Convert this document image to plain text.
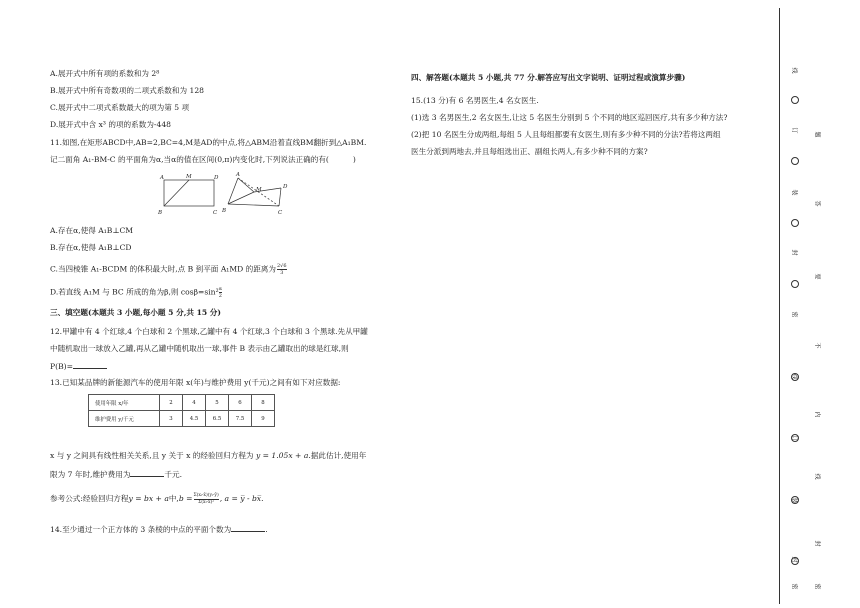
A.展开式中所有项的系数和为 2⁸
B.展开式中所有奇数项的二项式系数和为 128
C.展开式中二项式系数最大的项为第 5 项
D.展开式中含 x³ 的项的系数为-448
11.如图,在矩形ABCD中,AB=2,BC=4,M是AD的中点,将△ABM沿着直线BM翻折到△A₁BM.
记二面角 A₁-BM-C 的平面角为α,当α的值在区间(0,π)内变化时,下列说法正确的有(	)
A	M	D
B	C
A
M	D
B	C
A.存在α,使得 A₁B⊥CM
B.存在α,使得 A₁B⊥CD
C.当四棱锥 A₁-BCDM 的体积最大时,点 B 到平面 A₁MD 的距离为 $\frac{2√6}{3}$
D.若直线 A₁M 与 BC 所成的角为β,则 $\cos\beta=\sin^2 \frac{\alpha}{2}$
三、填空题(本题共 3 小题,每小题 5 分,共 15 分)
12.甲罐中有 4 个红球,4 个白球和 2 个黑球,乙罐中有 4 个红球,3 个白球和 3 个黑球.先从甲罐
中随机取出一球放入乙罐,再从乙罐中随机取出一球,事件 B 表示由乙罐取出的球是红球,则
P(B)=
13.已知某品牌的新能源汽车的使用年限 x(年)与维护费用 y(千元)之间有如下对应数据:
使用年限 x/年	2	4	5	6	8
维护费用 y/千元	3	4.5	6.5	7.5	9
x 与 y 之间具有线性相关关系,且 y 关于 x 的经验回归方程为 y = 1.05x + a.据此估计,使用年
限为 7 年时,维护费用为	千元.
参考公式:经验回归方程y = bx + a中$,b = \frac{\text{Σ(xᵢ-x̄)(yᵢ-ȳ)}}{\text{Σ(xᵢ-x̄)²}}$ , a = y̅ - bx̅.
14.至少通过一个正方体的 3 条棱的中点的平面个数为	.
四、解答题(本题共 5 小题,共 77 分.解答应写出文字说明、证明过程或演算步骤)
15.(13 分)有 6 名男医生,4 名女医生.
(1)选 3 名男医生,2 名女医生,让这 5 名医生分别到 5 个不同的地区巡回医疗,共有多少种方法?
(2)把 10 名医生分成两组,每组 5 人且每组都要有女医生,则有多少种不同的分法?若将这两组
医生分派到两地去,并且每组选出正、副组长两人,有多少种不同的方案?
线
订
装
封
密
线
订
装
封
密
题
答
要
不
内
线
封
密
